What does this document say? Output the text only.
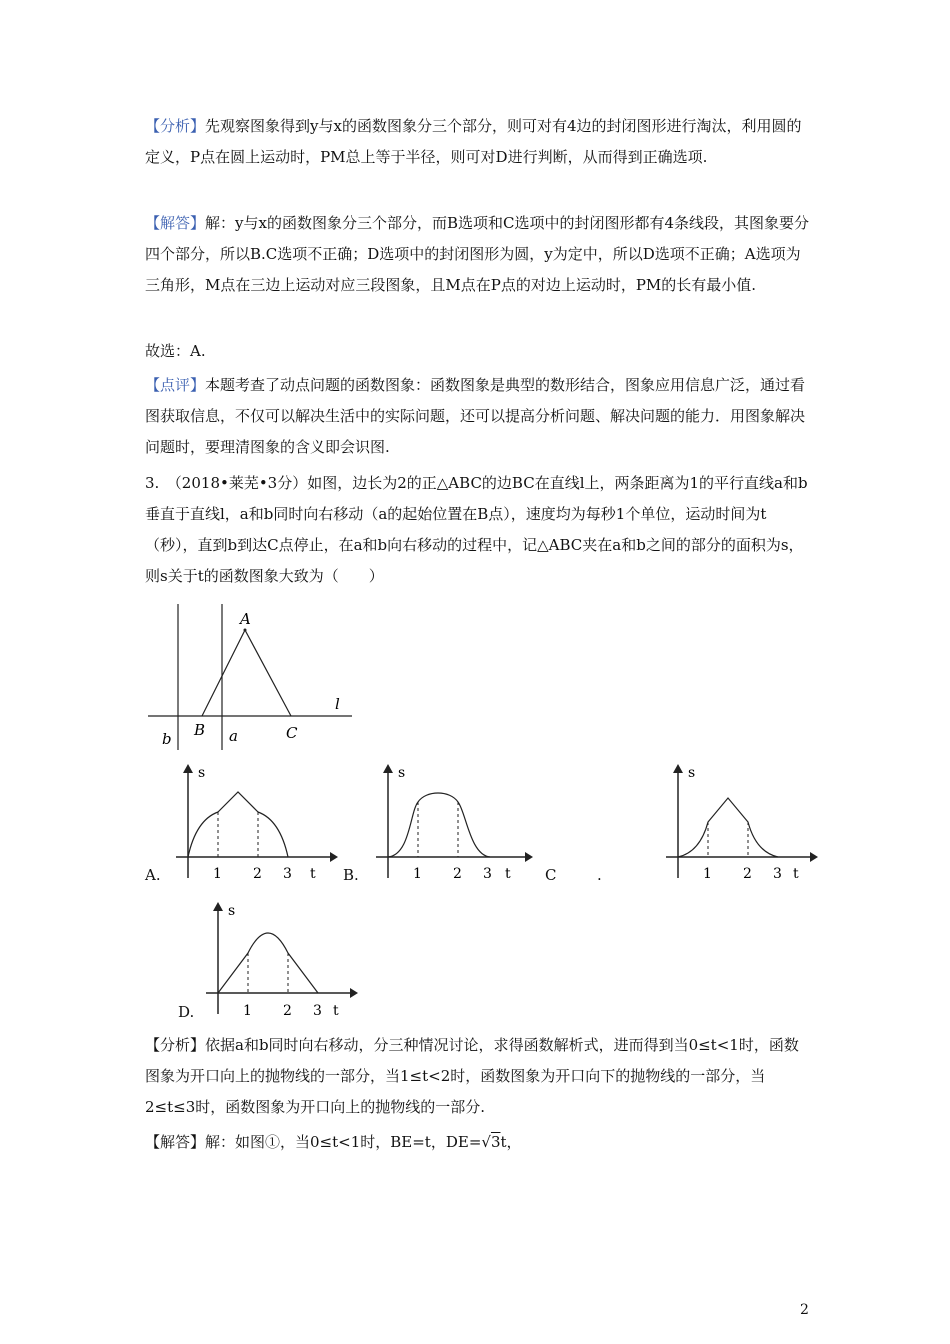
【分析】先观察图象得到y与x的函数图象分三个部分，则可对有4边的封闭图形进行淘汰，利用圆的定义，P点在圆上运动时，PM总上等于半径，则可对D进行判断，从而得到正确选项.

【解答】解：y与x的函数图象分三个部分，而B选项和C选项中的封闭图形都有4条线段，其图象要分四个部分，所以B.C选项不正确；D选项中的封闭图形为圆，y为定中，所以D选项不正确；A选项为三角形，M点在三边上运动对应三段图象，且M点在P点的对边上运动时，PM的长有最小值.

故选：A.

【点评】本题考查了动点问题的函数图象：函数图象是典型的数形结合，图象应用信息广泛，通过看图获取信息，不仅可以解决生活中的实际问题，还可以提高分析问题、解决问题的能力．用图象解决问题时，要理清图象的含义即会识图.

3.　（2018•莱芜•3分）如图，边长为2的正△ABC的边BC在直线l上，两条距离为1的平行直线a和b垂直于直线l，a和b同时向右移动（a的起始位置在B点），速度均为每秒1个单位，运动时间为t（秒），直到b到达C点停止，在a和b向右移动的过程中，记△ABC夹在a和b之间的部分的面积为s，则s关于t的函数图象大致为（　　）

A
B	C
a
b
l
s
1 2 3 t
A.
s
1 2 3 t
B.
s
1 2 3 t
C	.
s
1 2 3 t
D.

【分析】依据a和b同时向右移动，分三种情况讨论，求得函数解析式，进而得到当0≤t<1时，函数图象为开口向上的抛物线的一部分，当1≤t<2时，函数图象为开口向下的抛物线的一部分，当2≤t≤3时，函数图象为开口向上的抛物线的一部分.

【解答】解：如图①，当0≤t<1时，BE=t，DE=√3t，

2
